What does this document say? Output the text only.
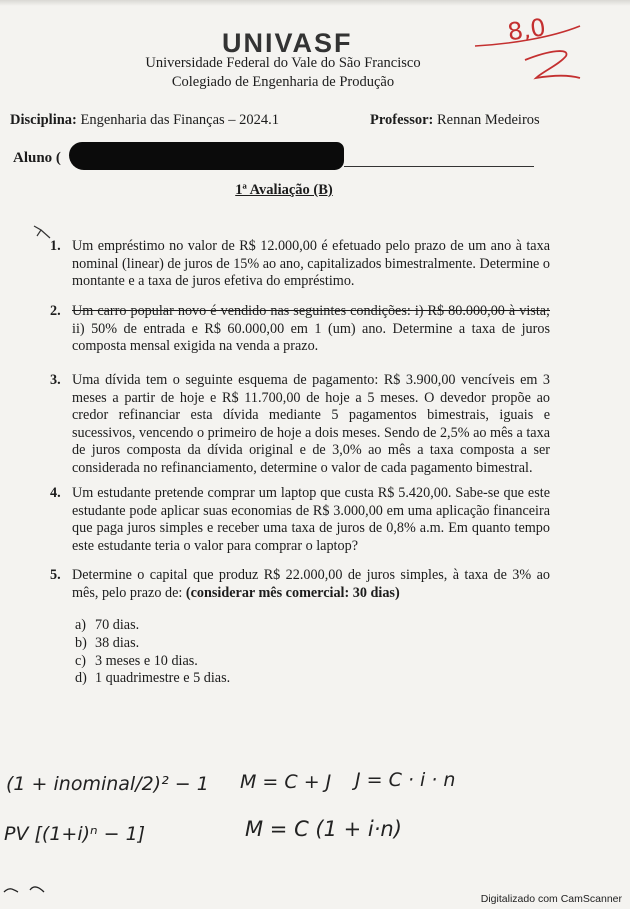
UNIVASF
Universidade Federal do Vale do São Francisco
Colegiado de Engenharia de Produção
8,0
Disciplina: Engenharia das Finanças – 2024.1	Professor: Rennan Medeiros
Aluno (
1ª Avaliação (B)
1. Um empréstimo no valor de R$ 12.000,00 é efetuado pelo prazo de um ano à taxa nominal (linear) de juros de 15% ao ano, capitalizados bimestralmente. Determine o montante e a taxa de juros efetiva do empréstimo.
2. Um carro popular novo é vendido nas seguintes condições: i) R$ 80.000,00 à vista; ii) 50% de entrada e R$ 60.000,00 em 1 (um) ano. Determine a taxa de juros composta mensal exigida na venda a prazo.
3. Uma dívida tem o seguinte esquema de pagamento: R$ 3.900,00 vencíveis em 3 meses a partir de hoje e R$ 11.700,00 de hoje a 5 meses. O devedor propõe ao credor refinanciar esta dívida mediante 5 pagamentos bimestrais, iguais e sucessivos, vencendo o primeiro de hoje a dois meses. Sendo de 2,5% ao mês a taxa de juros composta da dívida original e de 3,0% ao mês a taxa composta a ser considerada no refinanciamento, determine o valor de cada pagamento bimestral.
4. Um estudante pretende comprar um laptop que custa R$ 5.420,00. Sabe-se que este estudante pode aplicar suas economias de R$ 3.000,00 em uma aplicação financeira que paga juros simples e receber uma taxa de juros de 0,8% a.m. Em quanto tempo este estudante teria o valor para comprar o laptop?
5. Determine o capital que produz R$ 22.000,00 de juros simples, à taxa de 3% ao mês, pelo prazo de: (considerar mês comercial: 30 dias)
a) 70 dias.
b) 38 dias.
c) 3 meses e 10 dias.
d) 1 quadrimestre e 5 dias.
(1 + inominal/2)² − 1 M = C + J J = C · i · n
PV [(1+i)ⁿ − 1]	M = C (1 + i·n)
Digitalizado com CamScanner
